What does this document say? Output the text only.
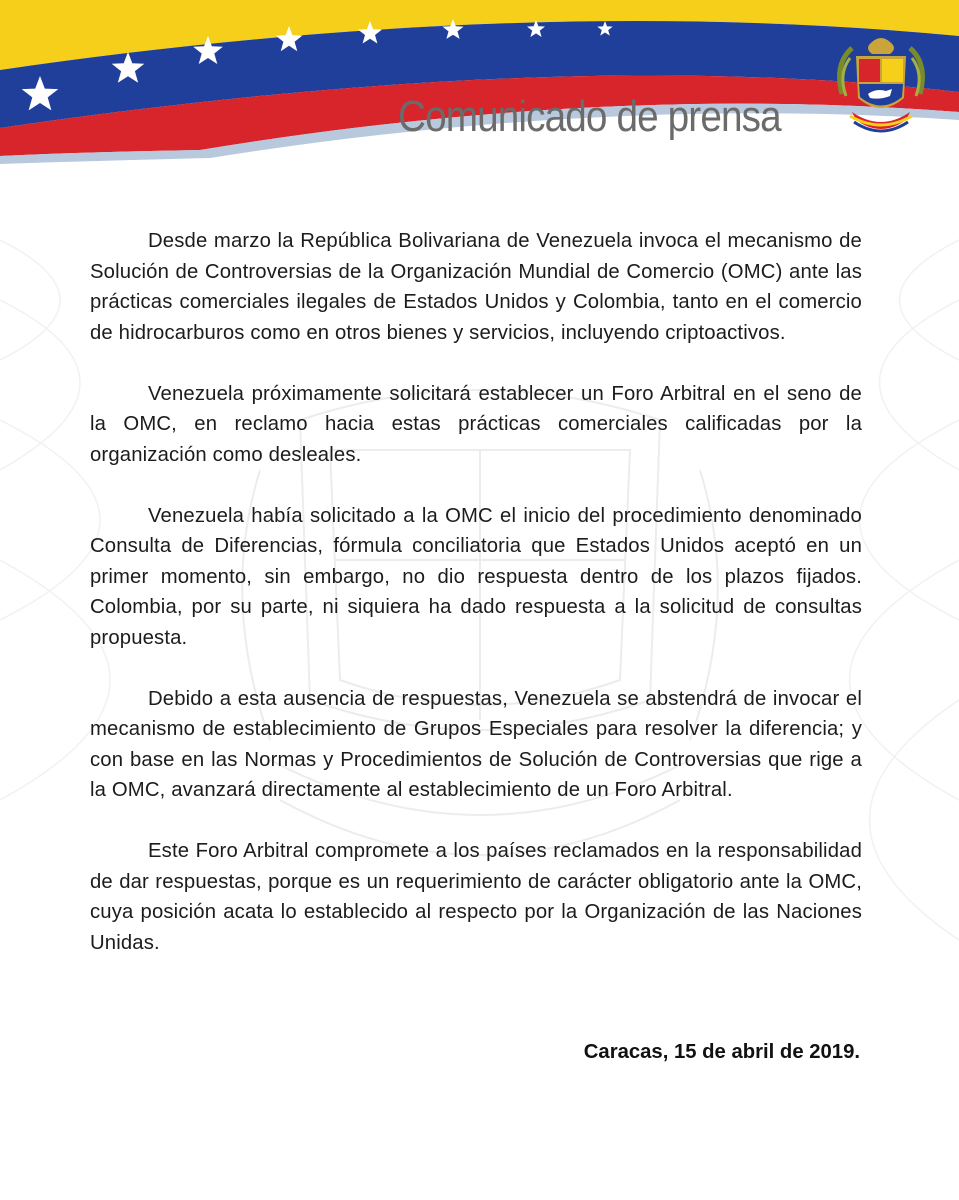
Comunicado de prensa

Desde marzo la República Bolivariana de Venezuela invoca el mecanismo de Solución de Controversias de la Organización Mundial de Comercio (OMC) ante las prácticas comerciales ilegales de Estados Unidos y Colombia, tanto en el comercio de hidrocarburos como en otros bienes y servicios, incluyendo criptoactivos.

Venezuela próximamente solicitará establecer un Foro Arbitral en el seno de la OMC, en reclamo hacia estas prácticas comerciales calificadas por la organización como desleales.

Venezuela había solicitado a la OMC el inicio del procedimiento denominado Consulta de Diferencias, fórmula conciliatoria que Estados Unidos aceptó en un primer momento, sin embargo, no dio respuesta dentro de los plazos fijados. Colombia, por su parte, ni siquiera ha dado respuesta a la solicitud de consultas propuesta.

Debido a esta ausencia de respuestas, Venezuela se abstendrá de invocar el mecanismo de establecimiento de Grupos Especiales para resolver la diferencia; y con base en las Normas y Procedimientos de Solución de Controversias que rige a la OMC, avanzará directamente al establecimiento de un Foro Arbitral.

Este Foro Arbitral compromete a los países reclamados en la responsabilidad de dar respuestas, porque es un requerimiento de carácter obligatorio ante la OMC, cuya posición acata lo establecido al respecto por la Organización de las Naciones Unidas.

Caracas, 15 de abril de 2019.
